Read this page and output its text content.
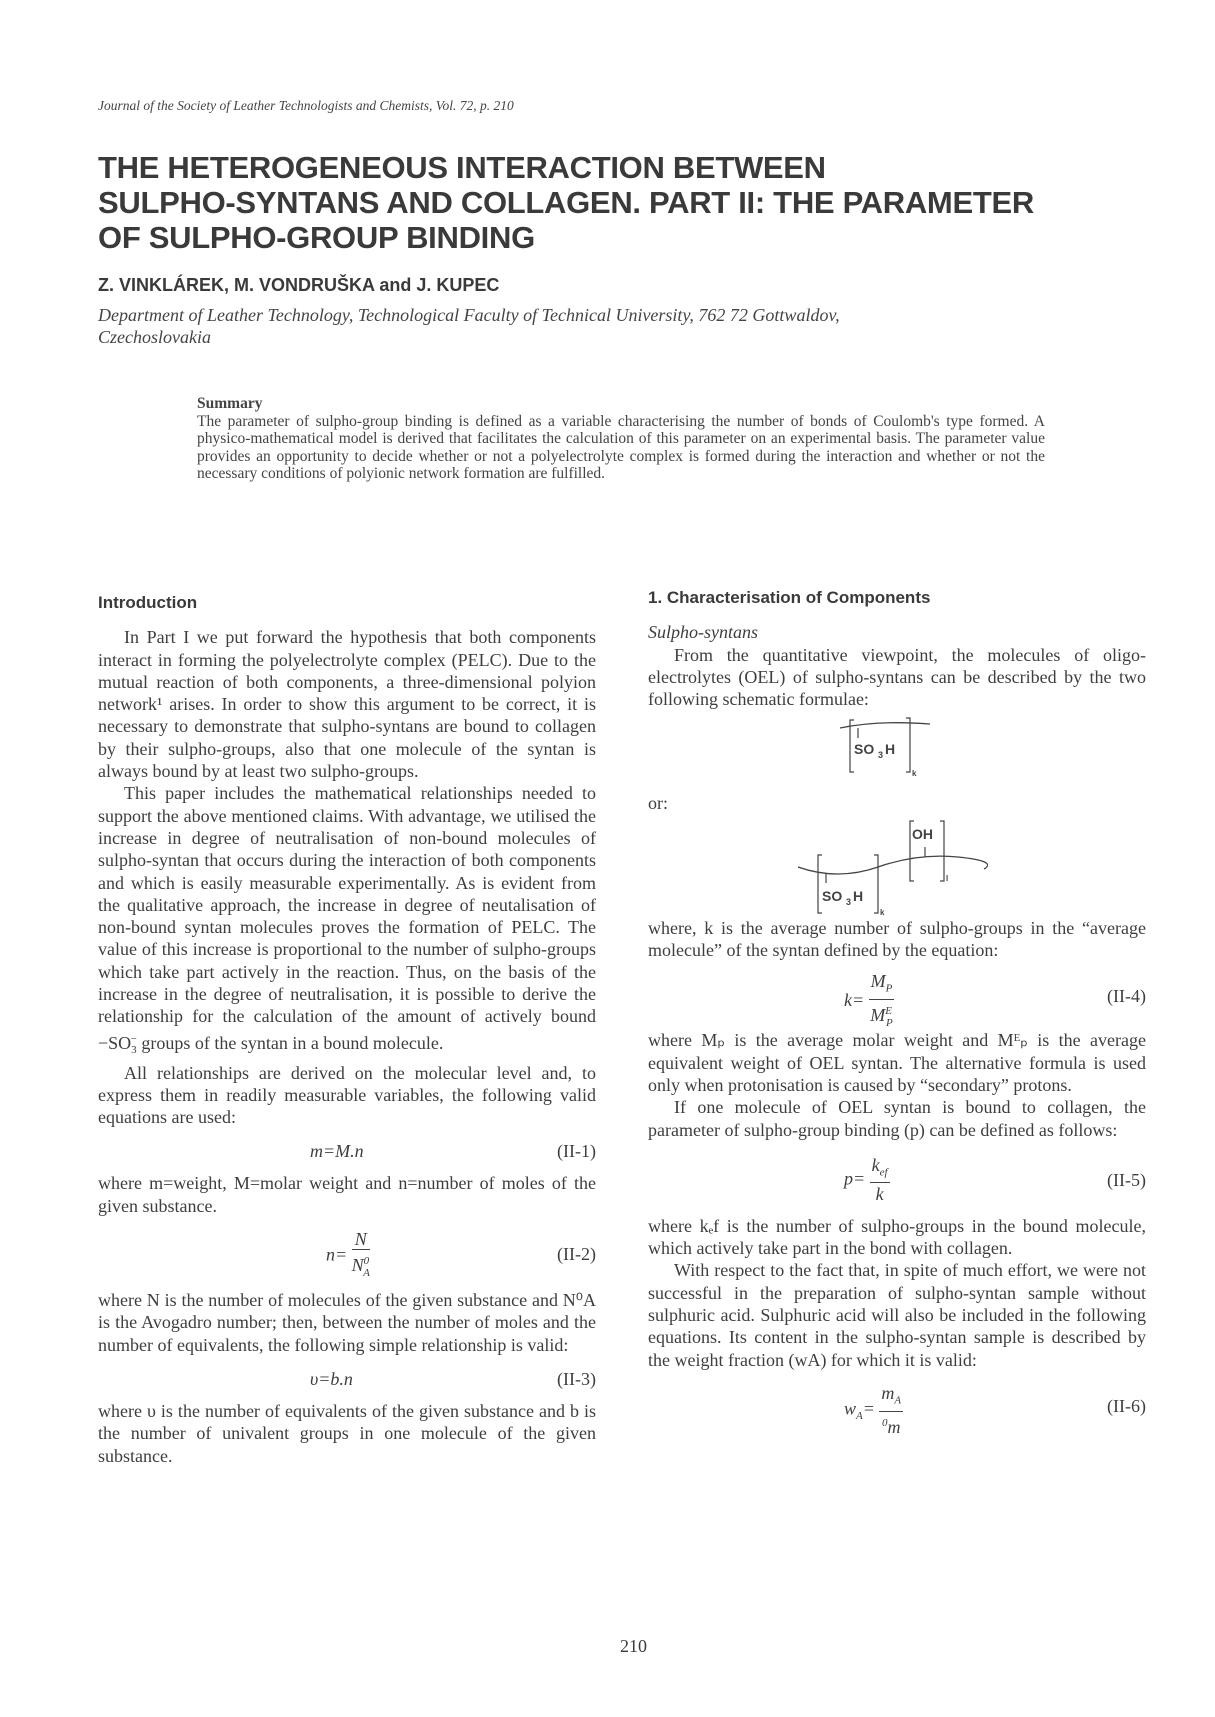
Journal of the Society of Leather Technologists and Chemists, Vol. 72, p. 210
THE HETEROGENEOUS INTERACTION BETWEEN
SULPHO-SYNTANS AND COLLAGEN. PART II: THE PARAMETER
OF SULPHO-GROUP BINDING
Z. VINKLÁREK, M. VONDRUŠKA and J. KUPEC
Department of Leather Technology, Technological Faculty of Technical University, 762 72 Gottwaldov,
Czechoslovakia
Summary
The parameter of sulpho-group binding is defined as a variable characterising the number of bonds of Coulomb's type formed. A physico-mathematical model is derived that facilitates the calculation of this parameter on an experimental basis. The parameter value provides an opportunity to decide whether or not a polyelectrolyte complex is formed during the interaction and whether or not the necessary conditions of polyionic network formation are fulfilled.
Introduction

In Part I we put forward the hypothesis that both components interact in forming the polyelectrolyte complex (PELC). Due to the mutual reaction of both components, a three-dimensional polyion network¹ arises. In order to show this argument to be correct, it is necessary to demonstrate that sulpho-syntans are bound to collagen by their sulpho-groups, also that one molecule of the syntan is always bound by at least two sulpho-groups.

This paper includes the mathematical relationships needed to support the above mentioned claims. With advantage, we utilised the increase in degree of neutralisation of non-bound molecules of sulpho-syntan that occurs during the interaction of both components and which is easily measurable experimentally. As is evident from the qualitative approach, the increase in degree of neutalisation of non-bound syntan molecules proves the formation of PELC. The value of this increase is proportional to the number of sulpho-groups which take part actively in the reaction. Thus, on the basis of the increase in the degree of neutralisation, it is possible to derive the relationship for the calculation of the amount of actively bound $-SO_3^-$ groups of the syntan in a bound molecule.

All relationships are derived on the molecular level and, to express them in readily measurable variables, the following valid equations are used:

m=M.n	(II-1)

where m=weight, M=molar weight and n=number of moles of the given substance.

$n= \frac{N}{N^0_A}$	(II-2)

where N is the number of molecules of the given substance and N⁰A is the Avogadro number; then, between the number of moles and the number of equivalents, the following simple relationship is valid:

υ=b.n	(II-3)

where υ is the number of equivalents of the given substance and b is the number of univalent groups in one molecule of the given substance.

1. Characterisation of Components
Sulpho-syntans

From the quantitative viewpoint, the molecules of oligo-electrolytes (OEL) of sulpho-syntans can be described by the two following schematic formulae:

SO 3 H
k
or:
SO 3 H
k
OH
l

where, k is the average number of sulpho-groups in the “average molecule” of the syntan defined by the equation:

$k= \frac{M_P}{M^E_P}$	(II-4)

where Mₚ is the average molar weight and Mᴱₚ is the average equivalent weight of OEL syntan. The alternative formula is used only when protonisation is caused by “secondary” protons.

If one molecule of OEL syntan is bound to collagen, the parameter of sulpho-group binding (p) can be defined as follows:

$p= \frac{k_{ef}}{k}$	(II-5)

where kₑf is the number of sulpho-groups in the bound molecule, which actively take part in the bond with collagen.

With respect to the fact that, in spite of much effort, we were not successful in the preparation of sulpho-syntan sample without sulphuric acid. Sulphuric acid will also be included in the following equations. Its content in the sulpho-syntan sample is described by the weight fraction (wA) for which it is valid:

$w_A= \frac{m_A}{^0m}$	(II-6)
210
